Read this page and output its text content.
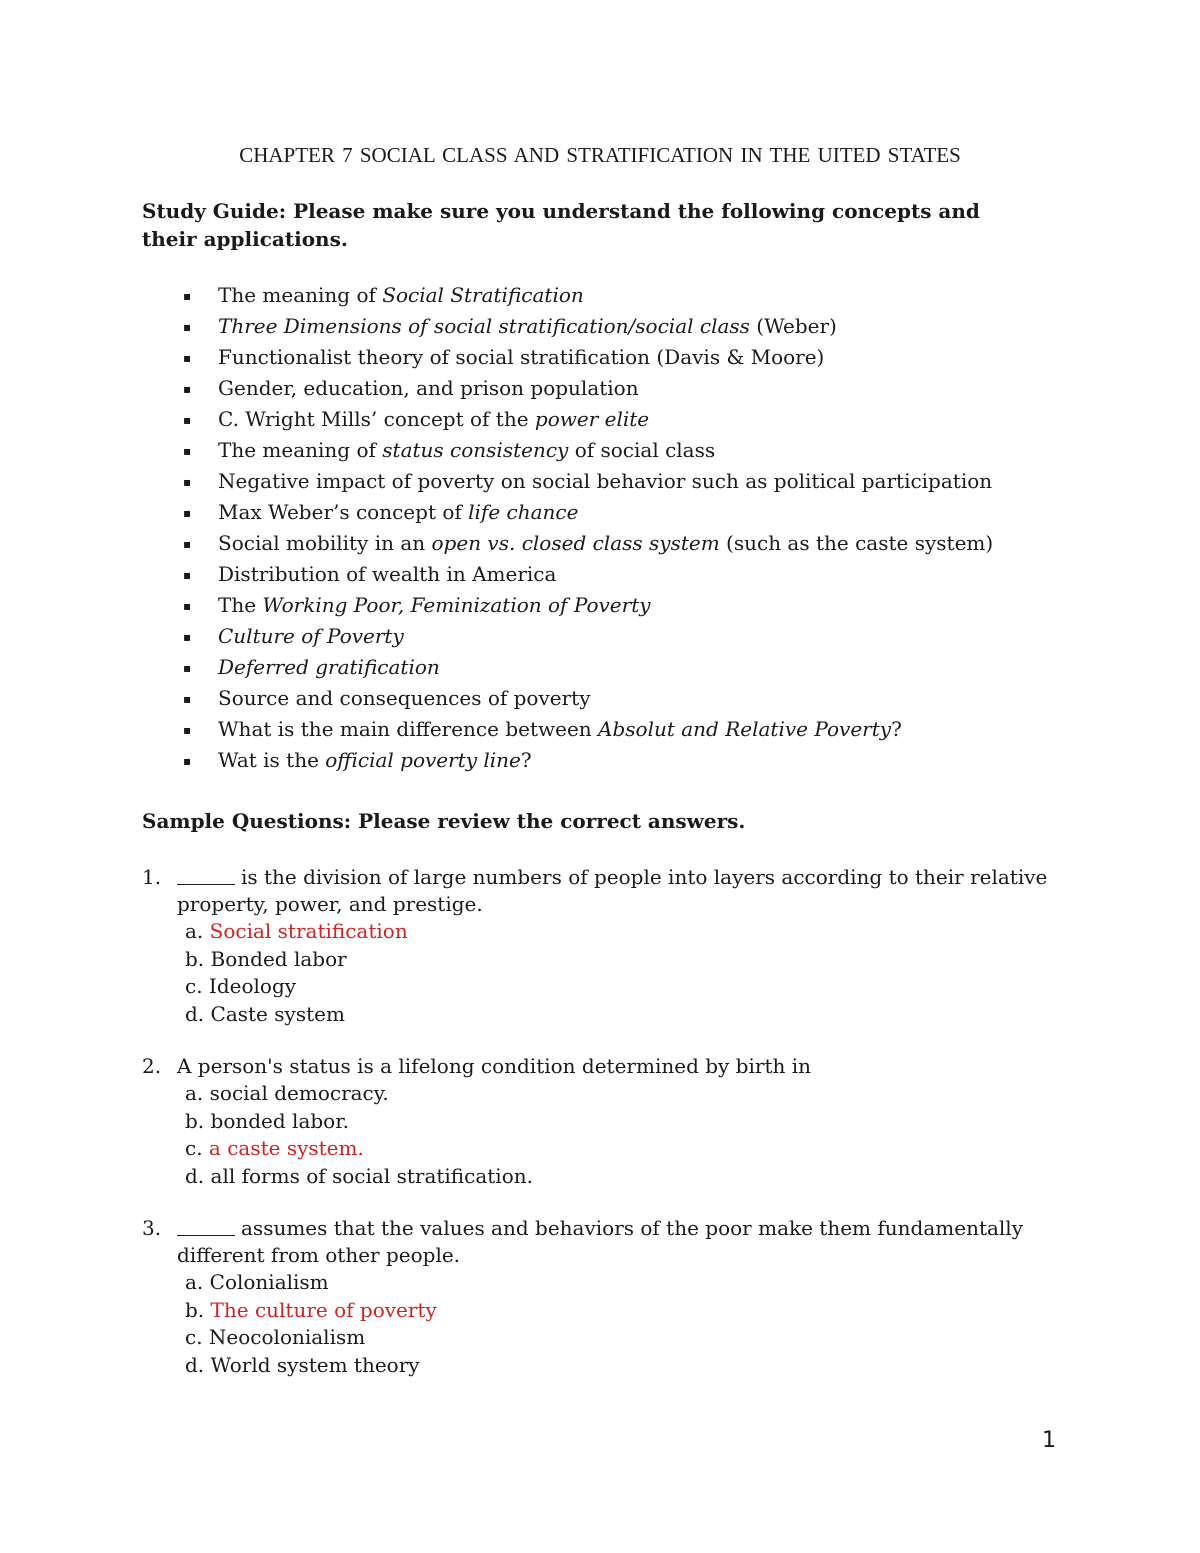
CHAPTER 7 SOCIAL CLASS AND STRATIFICATION IN THE UITED STATES
Study Guide: Please make sure you understand the following concepts and their applications.
▪ The meaning of Social Stratification
▪ Three Dimensions of social stratification/social class (Weber)
▪ Functionalist theory of social stratification (Davis & Moore)
▪ Gender, education, and prison population
▪ C. Wright Mills’ concept of the power elite
▪ The meaning of status consistency of social class
▪ Negative impact of poverty on social behavior such as political participation
▪ Max Weber’s concept of life chance
▪ Social mobility in an open vs. closed class system (such as the caste system)
▪ Distribution of wealth in America
▪ The Working Poor, Feminization of Poverty
▪ Culture of Poverty
▪ Deferred gratification
▪ Source and consequences of poverty
▪ What is the main difference between Absolut and Relative Poverty?
▪ Wat is the official poverty line?
Sample Questions: Please review the correct answers.
1.	is the division of large numbers of people into layers according to their relative property, power, and prestige.
a. Social stratification
b. Bonded labor
c. Ideology
d. Caste system
2. A person's status is a lifelong condition determined by birth in
a. social democracy.
b. bonded labor.
c. a caste system.
d. all forms of social stratification.
3.	assumes that the values and behaviors of the poor make them fundamentally different from other people.
a. Colonialism
b. The culture of poverty
c. Neocolonialism
d. World system theory
1
